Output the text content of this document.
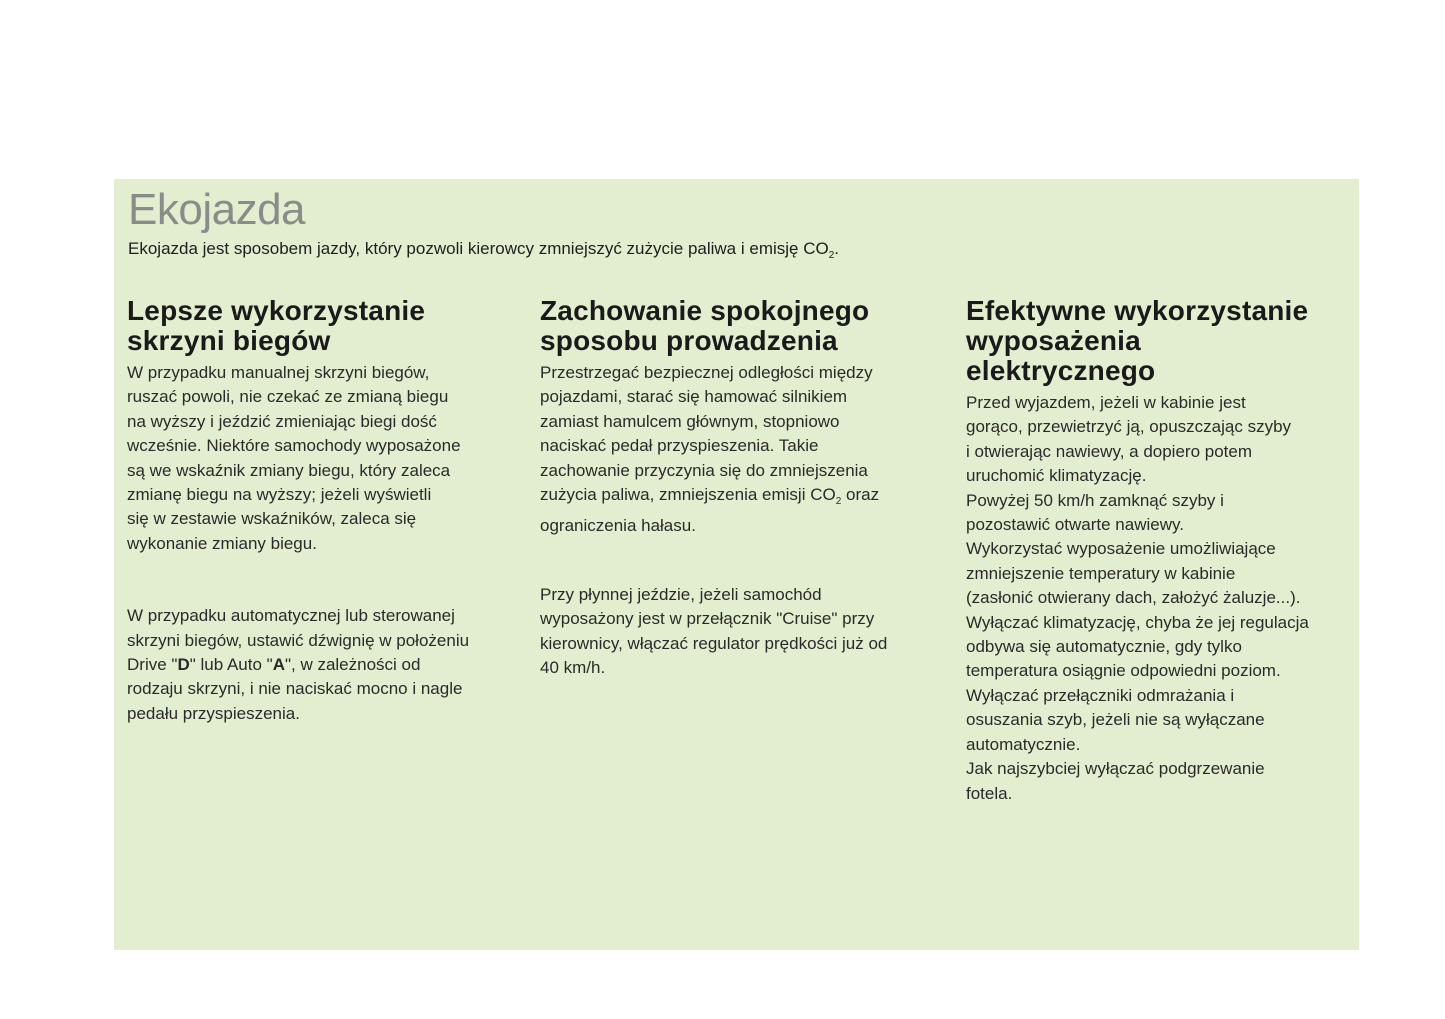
Ekojazda
Ekojazda jest sposobem jazdy, który pozwoli kierowcy zmniejszyć zużycie paliwa i emisję $CO_2$.
Lepsze wykorzystanie
skrzyni biegów

W przypadku manualnej skrzyni biegów,
ruszać powoli, nie czekać ze zmianą biegu
na wyższy i jeździć zmieniając biegi dość
wcześnie. Niektóre samochody wyposażone
są we wskaźnik zmiany biegu, który zaleca
zmianę biegu na wyższy; jeżeli wyświetli
się w zestawie wskaźników, zaleca się
wykonanie zmiany biegu.

W przypadku automatycznej lub sterowanej
skrzyni biegów, ustawić dźwignię w położeniu
Drive "D" lub Auto "A", w zależności od
rodzaju skrzyni, i nie naciskać mocno i nagle
pedału przyspieszenia.

Zachowanie spokojnego
sposobu prowadzenia

Przestrzegać bezpiecznej odległości między
pojazdami, starać się hamować silnikiem
zamiast hamulcem głównym, stopniowo
naciskać pedał przyspieszenia. Takie
zachowanie przyczynia się do zmniejszenia
zużycia paliwa, zmniejszenia emisji $CO_2$ oraz
ograniczenia hałasu.

Przy płynnej jeździe, jeżeli samochód
wyposażony jest w przełącznik "Cruise" przy
kierownicy, włączać regulator prędkości już od
40 km/h.

Efektywne wykorzystanie
wyposażenia
elektrycznego

Przed wyjazdem, jeżeli w kabinie jest
gorąco, przewietrzyć ją, opuszczając szyby
i otwierając nawiewy, a dopiero potem
uruchomić klimatyzację.
Powyżej 50 km/h zamknąć szyby i
pozostawić otwarte nawiewy.
Wykorzystać wyposażenie umożliwiające
zmniejszenie temperatury w kabinie
(zasłonić otwierany dach, założyć żaluzje...).
Wyłączać klimatyzację, chyba że jej regulacja
odbywa się automatycznie, gdy tylko
temperatura osiągnie odpowiedni poziom.
Wyłączać przełączniki odmrażania i
osuszania szyb, jeżeli nie są wyłączane
automatycznie.
Jak najszybciej wyłączać podgrzewanie
fotela.
